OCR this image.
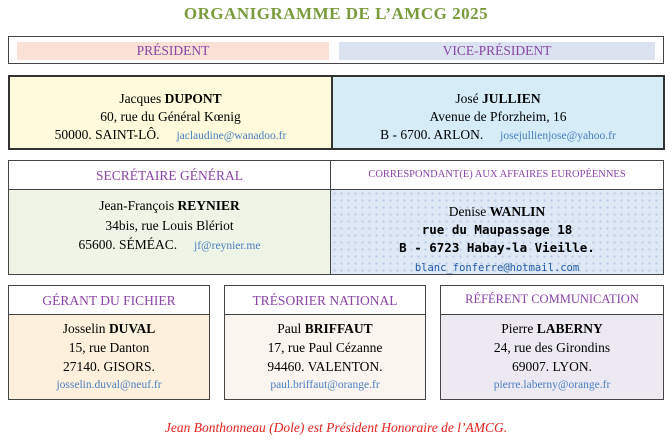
ORGANIGRAMME DE L’AMCG 2025
PRÉSIDENT	VICE-PRÉSIDENT
Jacques DUPONT
60, rue du Général Kœnig
50000. SAINT-LÔ. jaclaudine@wanadoo.fr
José JULLIEN
Avenue de Pforzheim, 16
B - 6700. ARLON. josejullienjose@yahoo.fr
SECRÉTAIRE GÉNÉRAL	CORRESPONDANT(E) AUX AFFAIRES EUROPÉENNES
Jean-François REYNIER
34bis, rue Louis Blériot
65600. SÉMÉAC. jf@reynier.me
Denise WANLIN
rue du Maupassage 18
B - 6723 Habay-la Vieille. blanc_fonferre@hotmail.com
GÉRANT DU FICHIER
Josselin DUVAL
15, rue Danton
27140. GISORS.
josselin.duval@neuf.fr
TRÉSORIER NATIONAL
Paul BRIFFAUT
17, rue Paul Cézanne
94460. VALENTON.
paul.briffaut@orange.fr
RÉFÉRENT COMMUNICATION
Pierre LABERNY
24, rue des Girondins
69007. LYON.
pierre.laberny@orange.fr
Jean Bonthonneau (Dole) est Président Honoraire de l’AMCG.
